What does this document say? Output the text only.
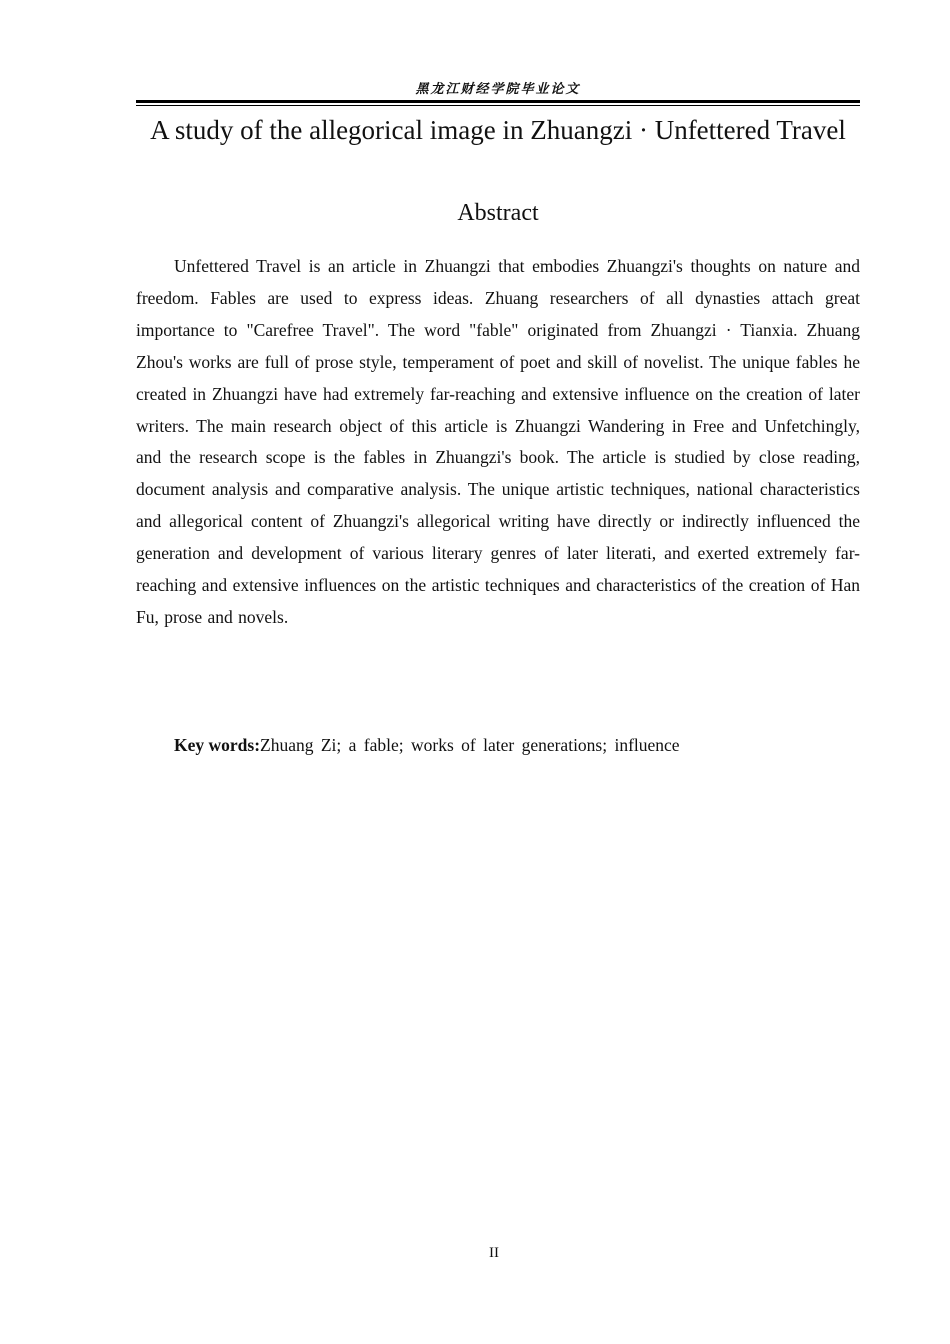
黑龙江财经学院毕业论文
A study of the allegorical image in Zhuangzi · Unfettered Travel
Abstract

Unfettered Travel is an article in Zhuangzi that embodies Zhuangzi's thoughts on nature and freedom. Fables are used to express ideas. Zhuang researchers of all dynasties attach great importance to "Carefree Travel". The word "fable" originated from Zhuangzi · Tianxia. Zhuang Zhou's works are full of prose style, temperament of poet and skill of novelist. The unique fables he created in Zhuangzi have had extremely far-reaching and extensive influence on the creation of later writers. The main research object of this article is Zhuangzi Wandering in Free and Unfetchingly, and the research scope is the fables in Zhuangzi's book. The article is studied by close reading, document analysis and comparative analysis. The unique artistic techniques, national characteristics and allegorical content of Zhuangzi's allegorical writing have directly or indirectly influenced the generation and development of various literary genres of later literati, and exerted extremely far-reaching and extensive influences on the artistic techniques and characteristics of the creation of Han Fu, prose and novels.

Key words:Zhuang Zi; a fable; works of later generations; influence

II
